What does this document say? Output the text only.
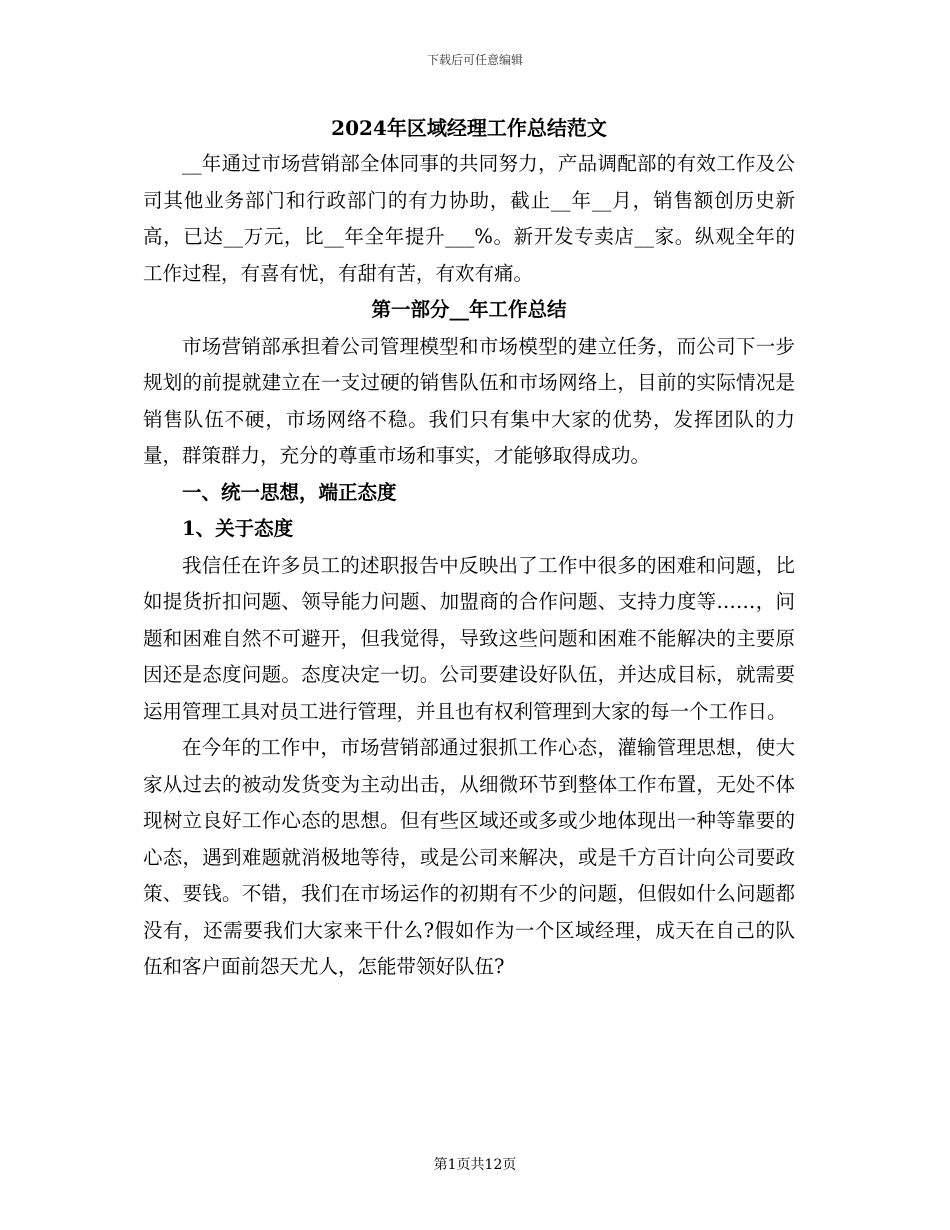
下载后可任意编辑
2024年区域经理工作总结范文

__年通过市场营销部全体同事的共同努力，产品调配部的有效工作及公司其他业务部门和行政部门的有力协助，截止__年__月，销售额创历史新高，已达__万元，比__年全年提升___%。新开发专卖店__家。纵观全年的工作过程，有喜有忧，有甜有苦，有欢有痛。

第一部分__年工作总结

市场营销部承担着公司管理模型和市场模型的建立任务，而公司下一步规划的前提就建立在一支过硬的销售队伍和市场网络上，目前的实际情况是销售队伍不硬，市场网络不稳。我们只有集中大家的优势，发挥团队的力量，群策群力，充分的尊重市场和事实，才能够取得成功。

一、统一思想，端正态度

1、关于态度

我信任在许多员工的述职报告中反映出了工作中很多的困难和问题，比如提货折扣问题、领导能力问题、加盟商的合作问题、支持力度等……，问题和困难自然不可避开，但我觉得，导致这些问题和困难不能解决的主要原因还是态度问题。态度决定一切。公司要建设好队伍，并达成目标，就需要运用管理工具对员工进行管理，并且也有权利管理到大家的每一个工作日。

在今年的工作中，市场营销部通过狠抓工作心态，灌输管理思想，使大家从过去的被动发货变为主动出击，从细微环节到整体工作布置，无处不体现树立良好工作心态的思想。但有些区域还或多或少地体现出一种等靠要的心态，遇到难题就消极地等待，或是公司来解决，或是千方百计向公司要政策、要钱。不错，我们在市场运作的初期有不少的问题，但假如什么问题都没有，还需要我们大家来干什么?假如作为一个区域经理，成天在自己的队伍和客户面前怨天尤人，怎能带领好队伍?

第1页共12页
